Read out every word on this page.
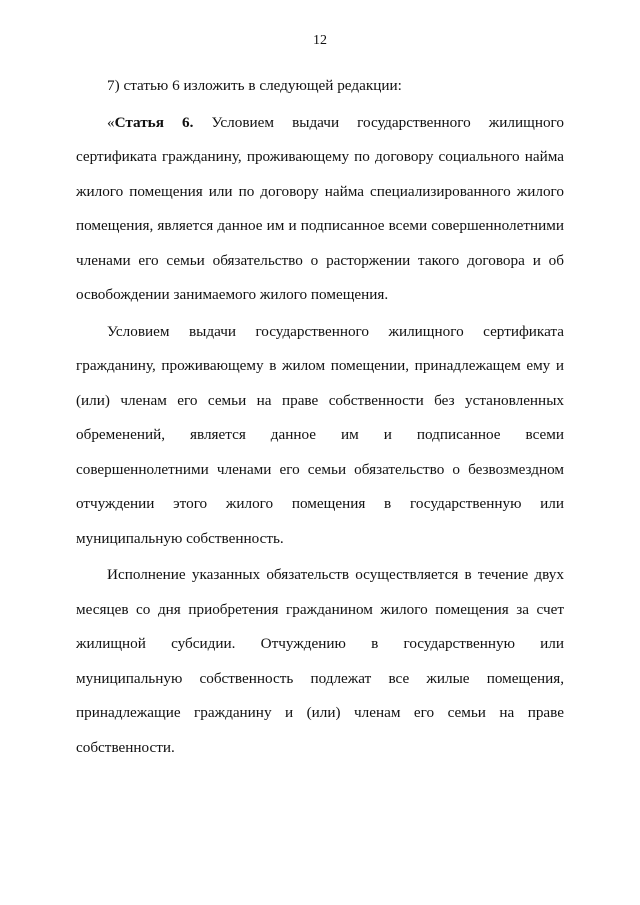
12

7) статью 6 изложить в следующей редакции:

«Статья 6. Условием выдачи государственного жилищного сертификата гражданину, проживающему по договору социального найма жилого помещения или по договору найма специализированного жилого помещения, является данное им и подписанное всеми совершеннолетними членами его семьи обязательство о расторжении такого договора и об освобождении занимаемого жилого помещения.

Условием выдачи государственного жилищного сертификата гражданину, проживающему в жилом помещении, принадлежащем ему и (или) членам его семьи на праве собственности без установленных обременений, является данное им и подписанное всеми совершеннолетними членами его семьи обязательство о безвозмездном отчуждении этого жилого помещения в государственную или муниципальную собственность.

Исполнение указанных обязательств осуществляется в течение двух месяцев со дня приобретения гражданином жилого помещения за счет жилищной субсидии. Отчуждению в государственную или муниципальную собственность подлежат все жилые помещения, принадлежащие гражданину и (или) членам его семьи на праве собственности.
